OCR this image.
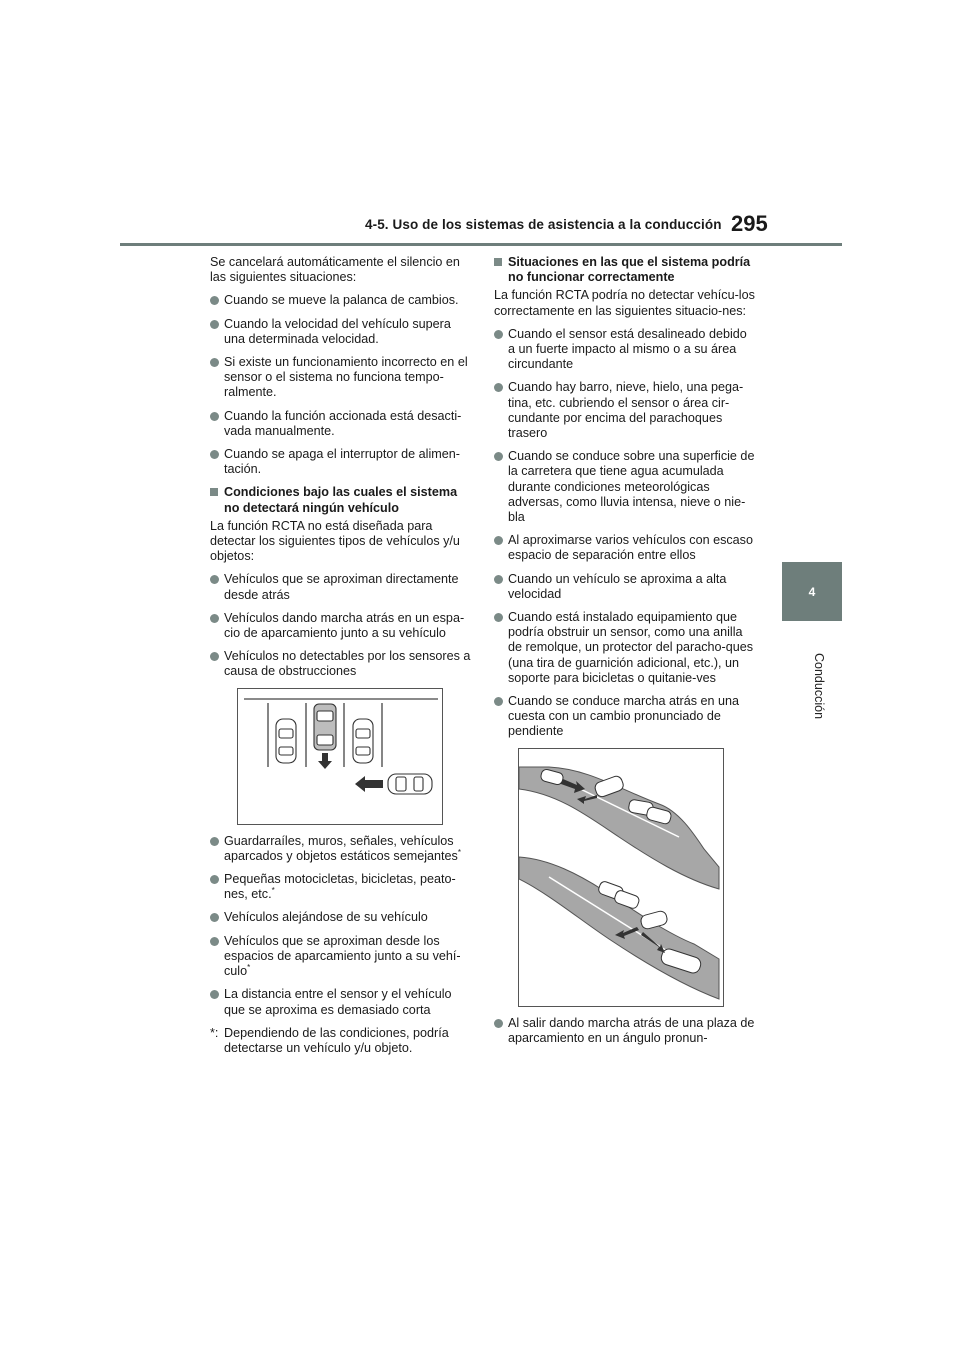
4-5. Uso de los sistemas de asistencia a la conducción 295
4
Conducción

Se cancelará automáticamente el silencio en las siguientes situaciones:

Cuando se mueve la palanca de cambios.

Cuando la velocidad del vehículo supera una determinada velocidad.

Si existe un funcionamiento incorrecto en el sensor o el sistema no funciona tempo-ralmente.

Cuando la función accionada está desacti-vada manualmente.

Cuando se apaga el interruptor de alimen-tación.

Condiciones bajo las cuales el sistema no detectará ningún vehículo

La función RCTA no está diseñada para detectar los siguientes tipos de vehículos y/u objetos:

Vehículos que se aproximan directamente desde atrás

Vehículos dando marcha atrás en un espa-cio de aparcamiento junto a su vehículo

Vehículos no detectables por los sensores a causa de obstrucciones

Guardarraíles, muros, señales, vehículos aparcados y objetos estáticos semejantes*

Pequeñas motocicletas, bicicletas, peato-nes, etc.*

Vehículos alejándose de su vehículo

Vehículos que se aproximan desde los espacios de aparcamiento junto a su vehí-culo*

La distancia entre el sensor y el vehículo que se aproxima es demasiado corta

*: Dependiendo de las condiciones, podría detectarse un vehículo y/u objeto.

Situaciones en las que el sistema podría no funcionar correctamente

La función RCTA podría no detectar vehícu-los correctamente en las siguientes situacio-nes:

Cuando el sensor está desalineado debido a un fuerte impacto al mismo o a su área circundante

Cuando hay barro, nieve, hielo, una pega-tina, etc. cubriendo el sensor o área cir-cundante por encima del parachoques trasero

Cuando se conduce sobre una superficie de la carretera que tiene agua acumulada durante condiciones meteorológicas adversas, como lluvia intensa, nieve o nie-bla

Al aproximarse varios vehículos con escaso espacio de separación entre ellos

Cuando un vehículo se aproxima a alta velocidad

Cuando está instalado equipamiento que podría obstruir un sensor, como una anilla de remolque, un protector del paracho-ques (una tira de guarnición adicional, etc.), un soporte para bicicletas o quitanie-ves

Cuando se conduce marcha atrás en una cuesta con un cambio pronunciado de pendiente

Al salir dando marcha atrás de una plaza de aparcamiento en un ángulo pronun-
